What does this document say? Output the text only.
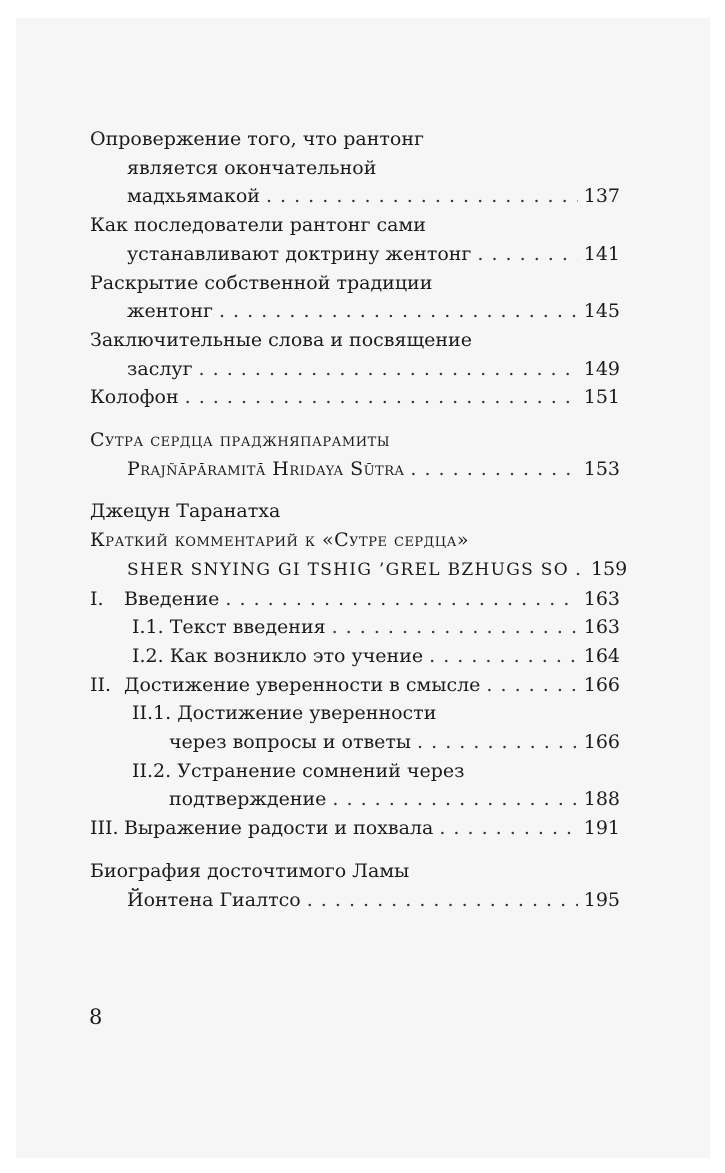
Опровержение того, что рантонг
является окончательной
мадхьямакой . . .	137
Как последователи рантонг сами
устанавливают доктрину жентонг . . .	141
Раскрытие собственной традиции
жентонг . . .	145
Заключительные слова и посвящение
заслуг . . .	149
Колофон . . .	151
Сутра сердца праджняпарамиты
Prajñāpāramitā Hridaya Sūtra . . .	153
Джецун Таранатха
Краткий комментарий к «Сутре сердца»
SHER SNYING GI TSHIG ’GREL BZHUGS SO . . . 159
I. Введение . . .	163
I.1. Текст введения . . .	163
I.2. Как возникло это учение . . .	164
II. Достижение уверенности в смысле . . .	166
II.1. Достижение уверенности
через вопросы и ответы . . .	166
II.2. Устранение сомнений через
подтверждение . . .	188
III. Выражение радости и похвала . . .	191
Биография досточтимого Ламы
Йонтена Гиалтсо . . .	195
8
